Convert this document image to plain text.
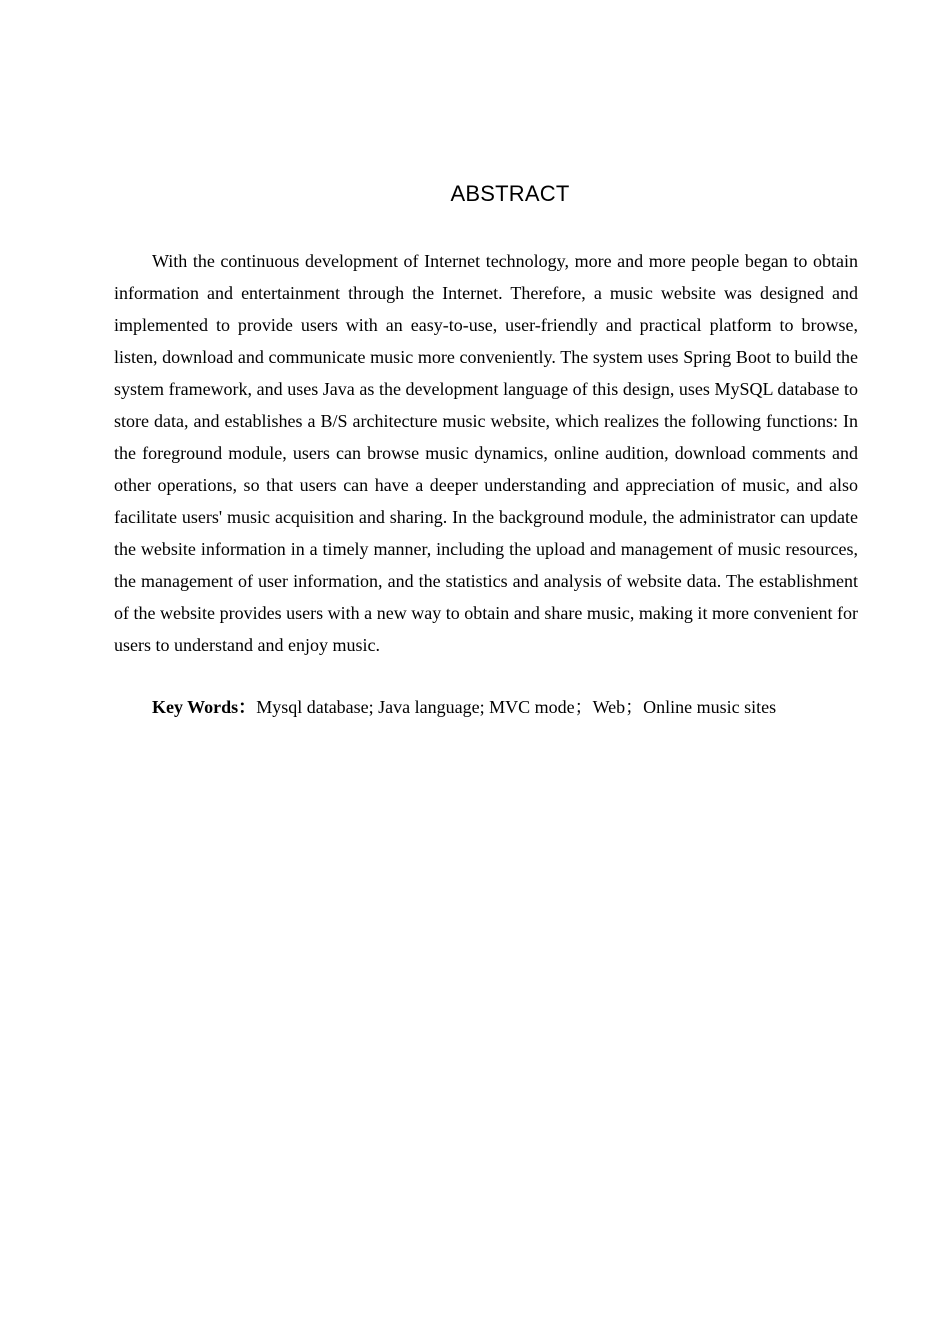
ABSTRACT

With the continuous development of Internet technology, more and more people began to obtain information and entertainment through the Internet. Therefore, a music website was designed and implemented to provide users with an easy-to-use, user-friendly and practical platform to browse, listen, download and communicate music more conveniently. The system uses Spring Boot to build the system framework, and uses Java as the development language of this design, uses MySQL database to store data, and establishes a B/S architecture music website, which realizes the following functions: In the foreground module, users can browse music dynamics, online audition, download comments and other operations, so that users can have a deeper understanding and appreciation of music, and also facilitate users' music acquisition and sharing. In the background module, the administrator can update the website information in a timely manner, including the upload and management of music resources, the management of user information, and the statistics and analysis of website data. The establishment of the website provides users with a new way to obtain and share music, making it more convenient for users to understand and enjoy music.

Key Words：Mysql database; Java language; MVC mode；Web；Online music sites
